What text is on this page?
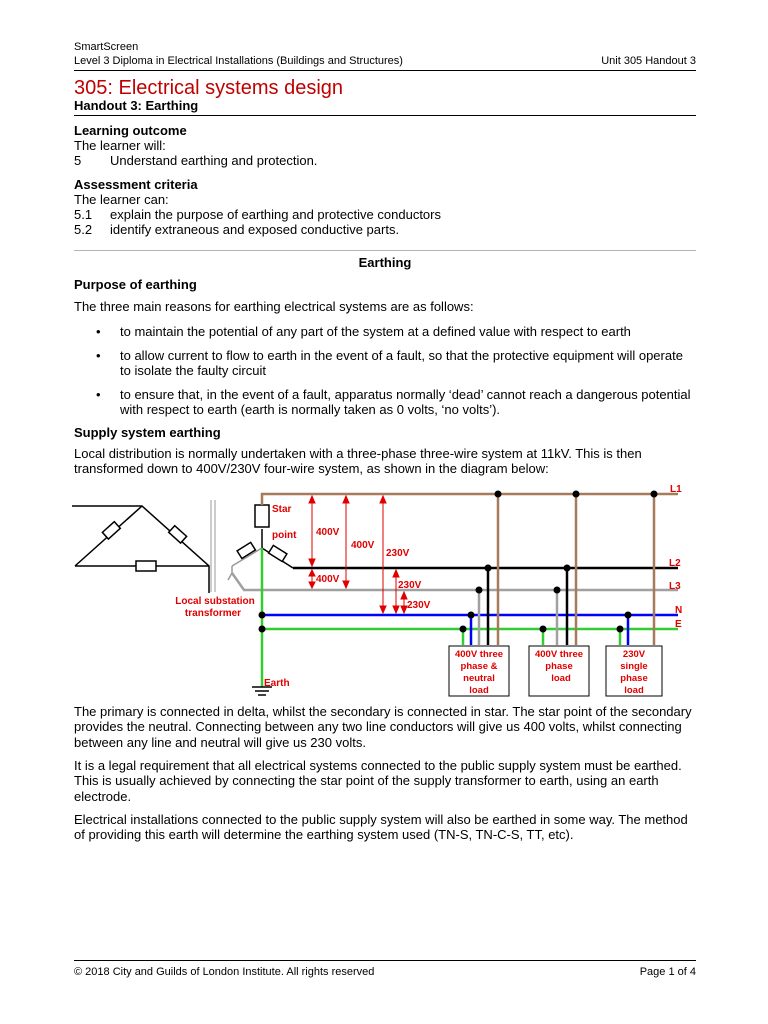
SmartScreen
Level 3 Diploma in Electrical Installations (Buildings and Structures)	Unit 305 Handout 3
305: Electrical systems design
Handout 3: Earthing
Learning outcome
The learner will:
5 Understand earthing and protection.
Assessment criteria
The learner can:
5.1 explain the purpose of earthing and protective conductors
5.2 identify extraneous and exposed conductive parts.
Earthing
Purpose of earthing
The three main reasons for earthing electrical systems are as follows:
• to maintain the potential of any part of the system at a defined value with respect to earth
• to allow current to flow to earth in the event of a fault, so that the protective equipment will operate to isolate the faulty circuit
• to ensure that, in the event of a fault, apparatus normally ‘dead’ cannot reach a dangerous potential with respect to earth (earth is normally taken as 0 volts, ‘no volts’).
Supply system earthing
Local distribution is normally undertaken with a three-phase three-wire system at 11kV. This is then transformed down to 400V/230V four-wire system, as shown in the diagram below:
The primary is connected in delta, whilst the secondary is connected in star. The star point of the secondary provides the neutral. Connecting between any two line conductors will give us 400 volts, whilst connecting between any line and neutral will give us 230 volts.
It is a legal requirement that all electrical systems connected to the public supply system must be earthed. This is usually achieved by connecting the star point of the supply transformer to earth, using an earth electrode.
Electrical installations connected to the public supply system will also be earthed in some way. The method of providing this earth will determine the earthing system used (TN-S, TN-C-S, TT, etc).
© 2018 City and Guilds of London Institute. All rights reserved	Page 1 of 4
L1
L2
L3
N
E
Star
point 400V
400V
230V
400V
230V
230V
Local substation
transformer
Earth
400V three
phase &
neutral
load
400V three
phase
load
230V
single
phase
load
